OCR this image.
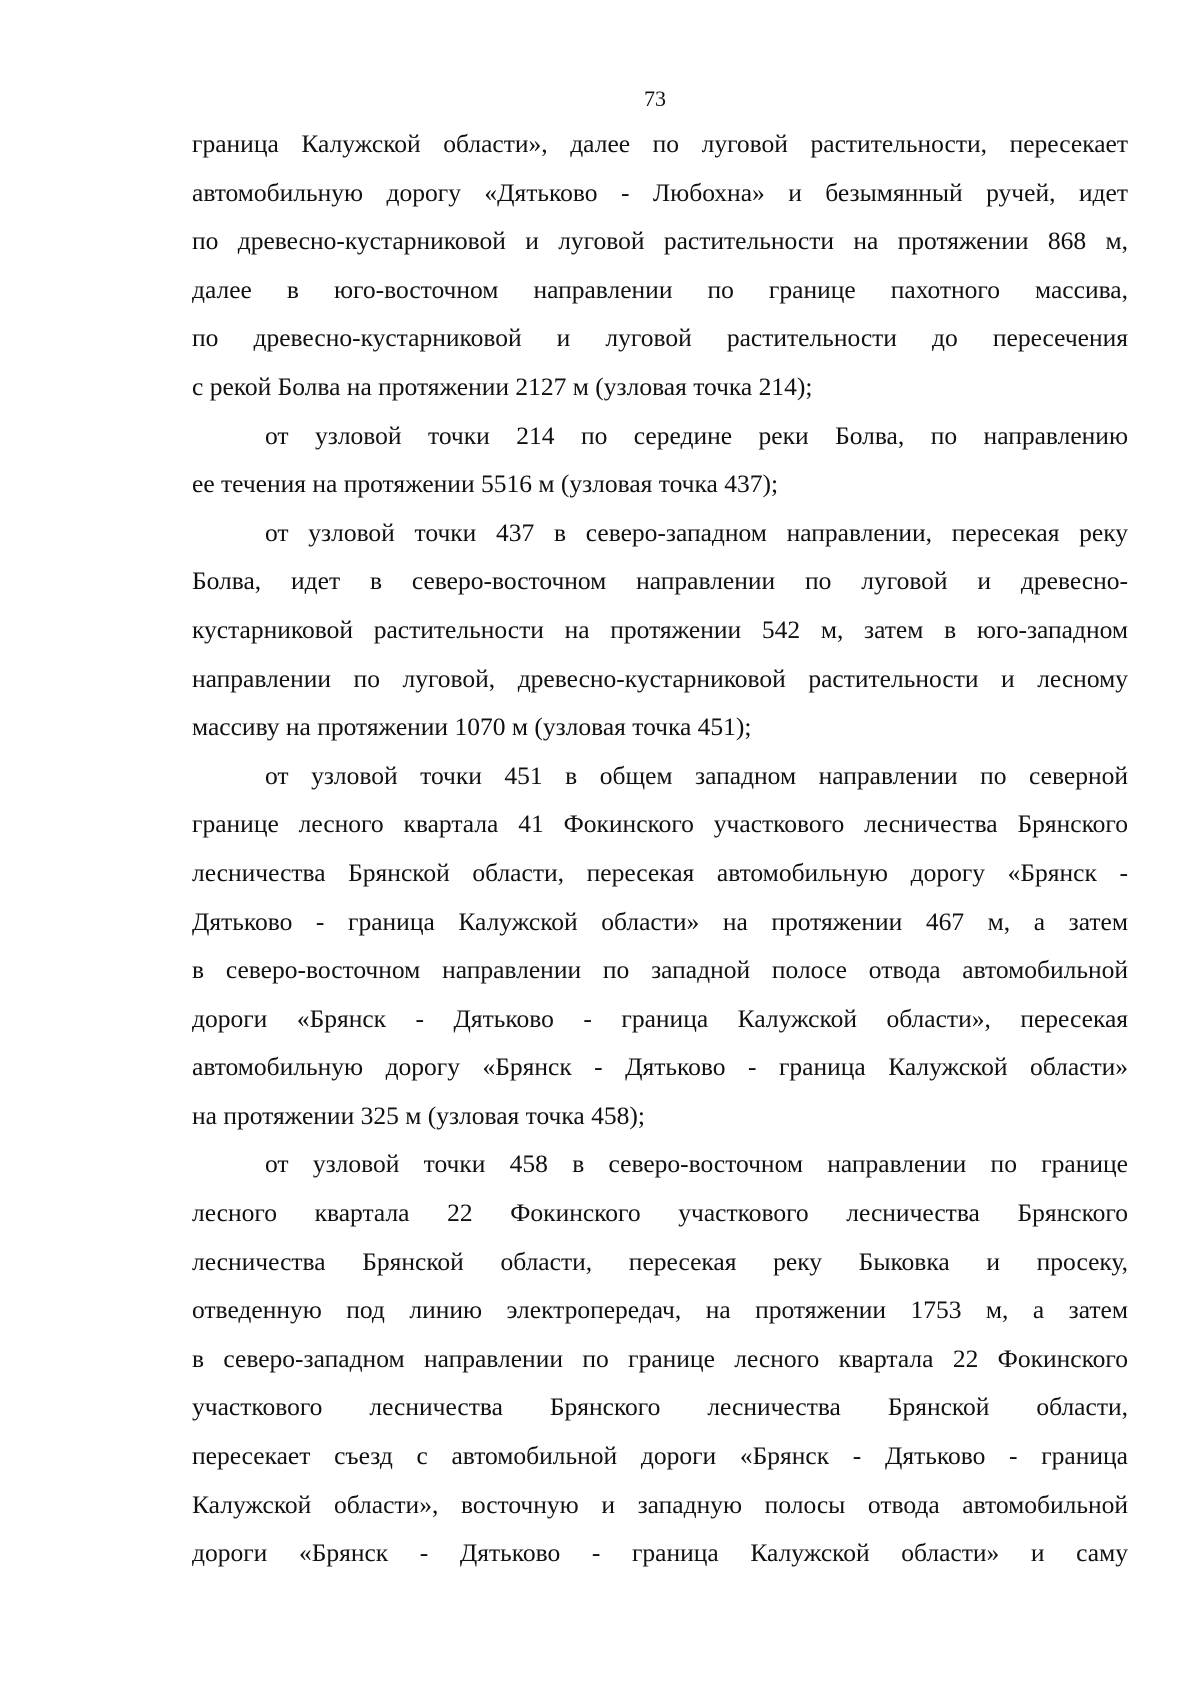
73
граница Калужской области», далее по луговой растительности, пересекает
автомобильную дорогу «Дятьково - Любохна» и безымянный ручей, идет
по древесно-кустарниковой и луговой растительности на протяжении 868 м,
далее в юго-восточном направлении по границе пахотного массива,
по древесно-кустарниковой и луговой растительности до пересечения
с рекой Болва на протяжении 2127 м (узловая точка 214);
от узловой точки 214 по середине реки Болва, по направлению
ее течения на протяжении 5516 м (узловая точка 437);
от узловой точки 437 в северо-западном направлении, пересекая реку
Болва, идет в северо-восточном направлении по луговой и древесно-
кустарниковой растительности на протяжении 542 м, затем в юго-западном
направлении по луговой, древесно-кустарниковой растительности и лесному
массиву на протяжении 1070 м (узловая точка 451);
от узловой точки 451 в общем западном направлении по северной
границе лесного квартала 41 Фокинского участкового лесничества Брянского
лесничества Брянской области, пересекая автомобильную дорогу «Брянск -
Дятьково - граница Калужской области» на протяжении 467 м, а затем
в северо-восточном направлении по западной полосе отвода автомобильной
дороги «Брянск - Дятьково - граница Калужской области», пересекая
автомобильную дорогу «Брянск - Дятьково - граница Калужской области»
на протяжении 325 м (узловая точка 458);
от узловой точки 458 в северо-восточном направлении по границе
лесного квартала 22 Фокинского участкового лесничества Брянского
лесничества Брянской области, пересекая реку Быковка и просеку,
отведенную под линию электропередач, на протяжении 1753 м, а затем
в северо-западном направлении по границе лесного квартала 22 Фокинского
участкового лесничества Брянского лесничества Брянской области,
пересекает съезд с автомобильной дороги «Брянск - Дятьково - граница
Калужской области», восточную и западную полосы отвода автомобильной
дороги «Брянск - Дятьково - граница Калужской области» и саму
